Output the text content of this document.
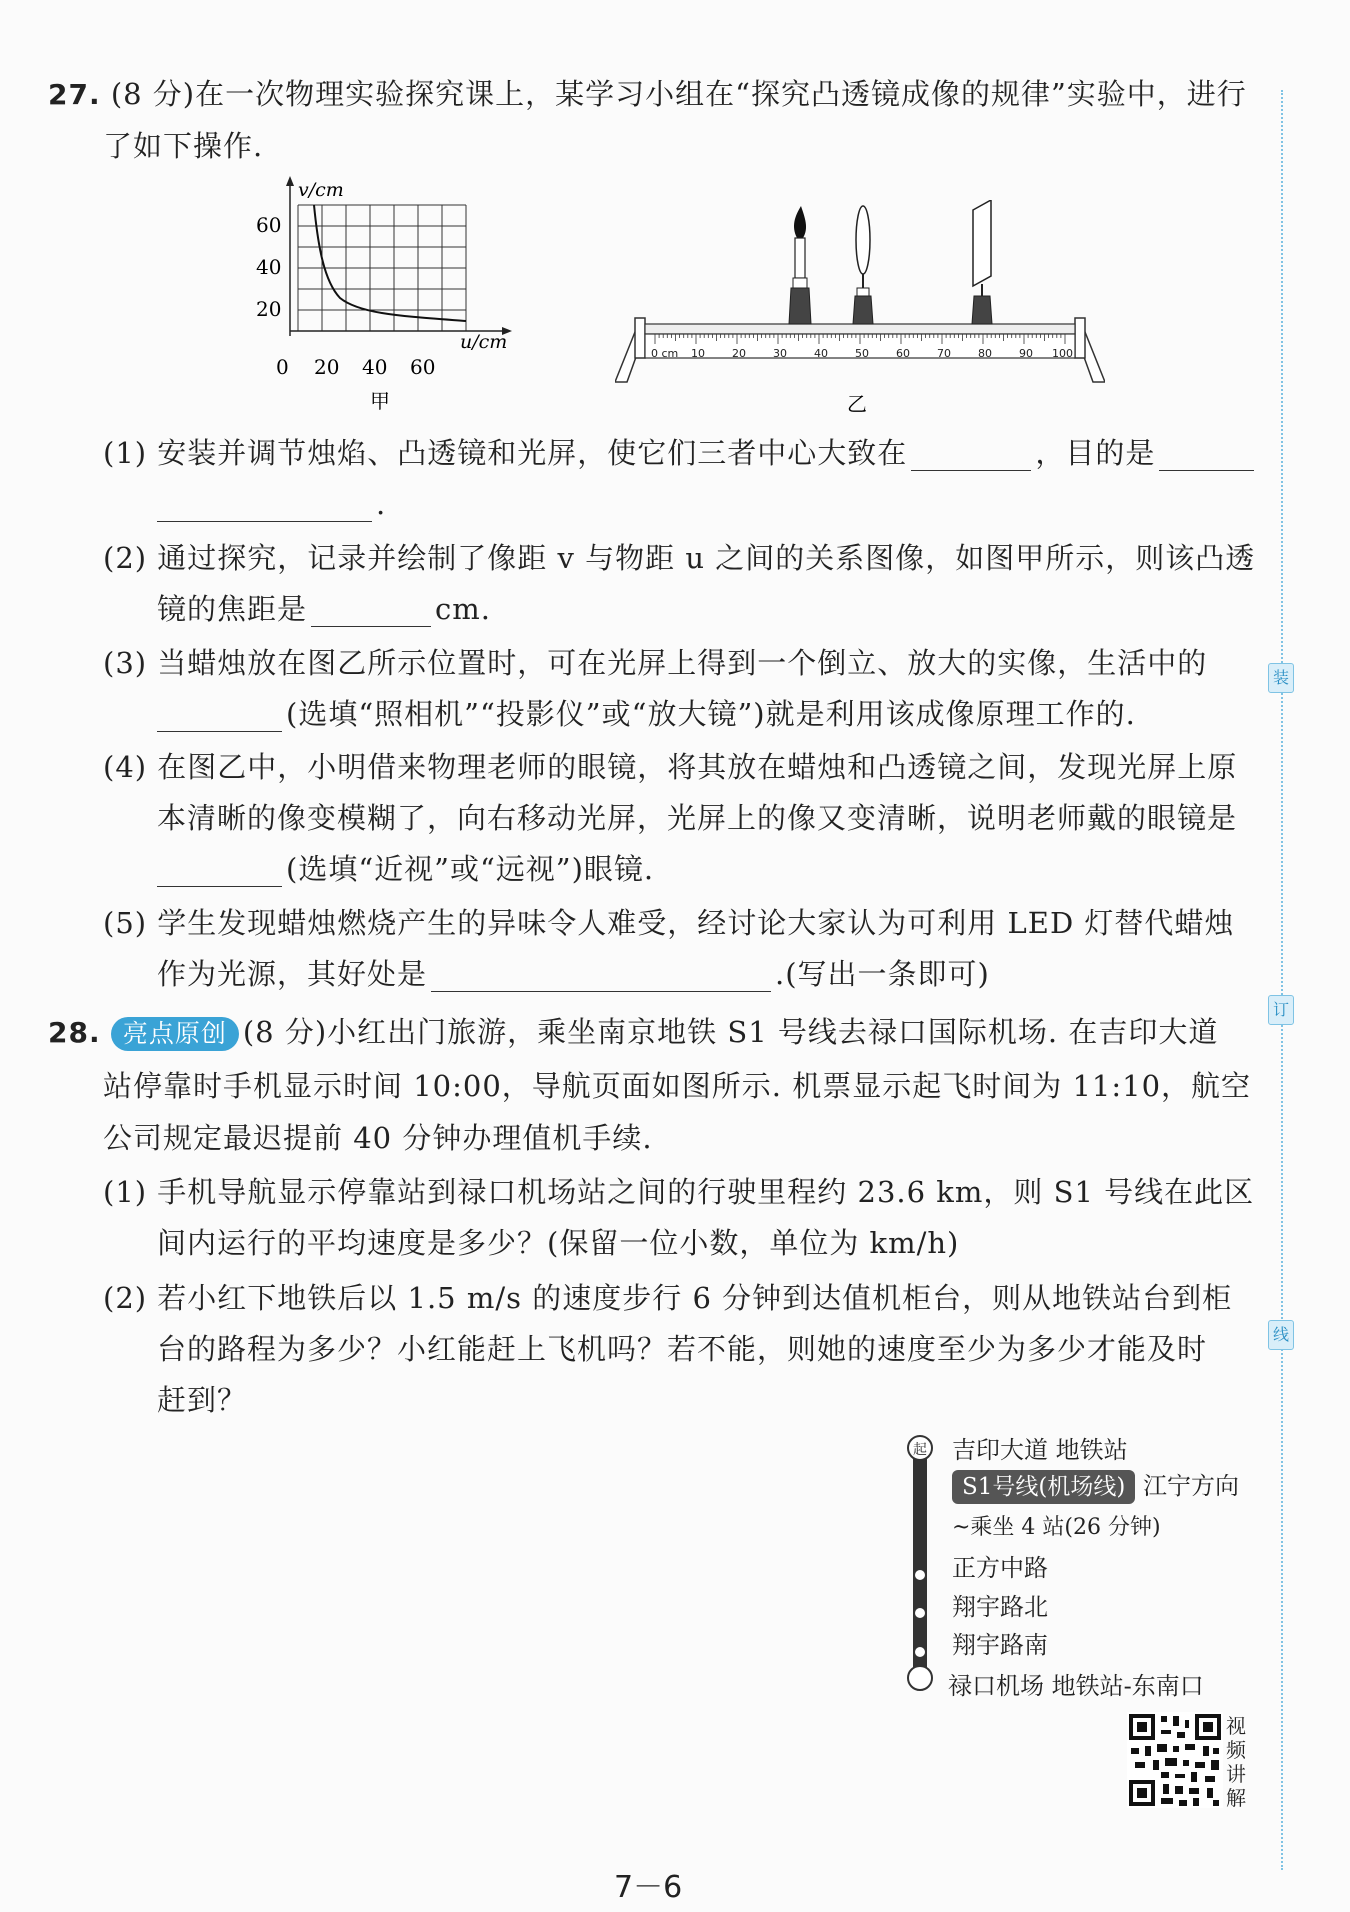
装
订
线
27. (8 分)在一次物理实验探究课上，某学习小组在“探究凸透镜成像的规律”实验中，进行
了如下操作.
v/cm
u/cm
60
40
20
0 20 40 60
甲
0 cm 10 20 30 40 50 60 70 80 90 100
乙
(1) 安装并调节烛焰、凸透镜和光屏，使它们三者中心大致在	，目的是
.
(2) 通过探究，记录并绘制了像距 v 与物距 u 之间的关系图像，如图甲所示，则该凸透
镜的焦距是	cm.
(3) 当蜡烛放在图乙所示位置时，可在光屏上得到一个倒立、放大的实像，生活中的
(选填“照相机”“投影仪”或“放大镜”)就是利用该成像原理工作的.
(4) 在图乙中，小明借来物理老师的眼镜，将其放在蜡烛和凸透镜之间，发现光屏上原
本清晰的像变模糊了，向右移动光屏，光屏上的像又变清晰，说明老师戴的眼镜是
(选填“近视”或“远视”)眼镜.
(5) 学生发现蜡烛燃烧产生的异味令人难受，经讨论大家认为可利用 LED 灯替代蜡烛
作为光源，其好处是	.(写出一条即可)
28. 亮点原创 (8 分)小红出门旅游，乘坐南京地铁 S1 号线去禄口国际机场. 在吉印大道
站停靠时手机显示时间 10:00，导航页面如图所示. 机票显示起飞时间为 11:10，航空
公司规定最迟提前 40 分钟办理值机手续.
(1) 手机导航显示停靠站到禄口机场站之间的行驶里程约 23.6 km，则 S1 号线在此区
间内运行的平均速度是多少？(保留一位小数，单位为 km/h)
(2) 若小红下地铁后以 1.5 m/s 的速度步行 6 分钟到达值机柜台，则从地铁站台到柜
台的路程为多少？小红能赶上飞机吗？若不能，则她的速度至少为多少才能及时
赶到？
起 吉印大道 地铁站
S1号线(机场线) 江宁方向
~乘坐 4 站(26 分钟)
正方中路
翔宇路北
翔宇路南
禄口机场 地铁站-东南口
视
频
讲
解
7－6
